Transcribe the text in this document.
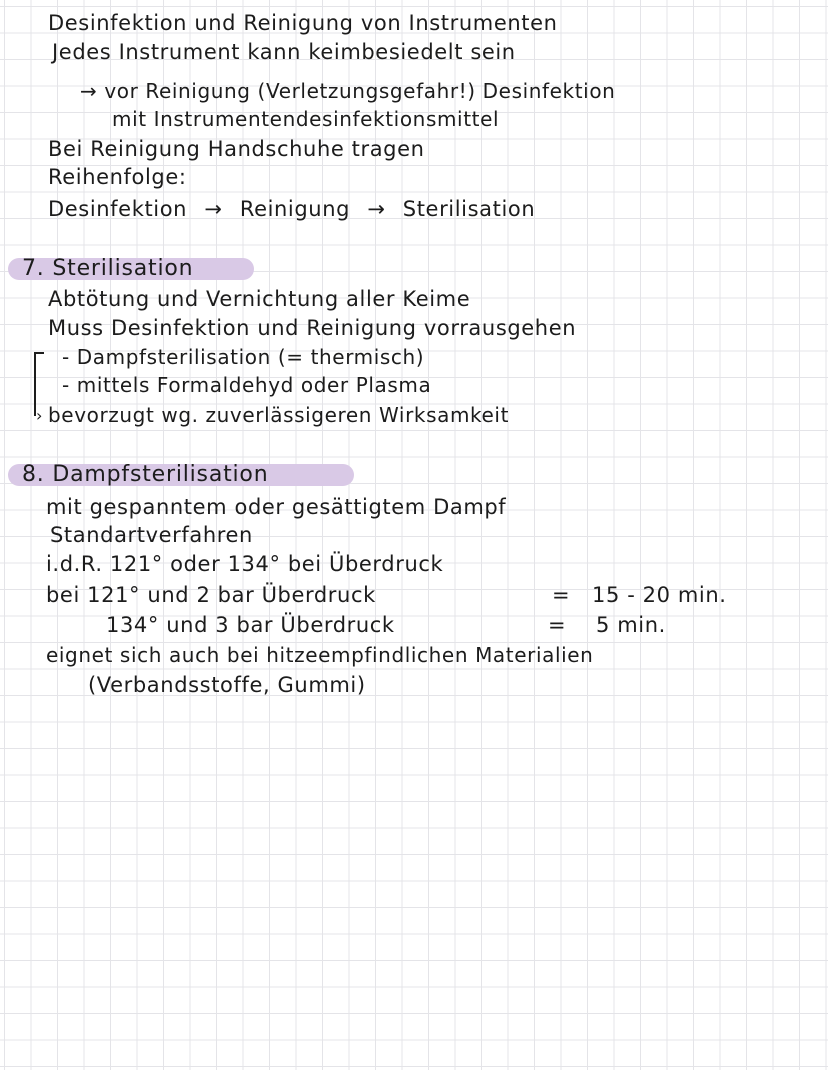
Desinfektion und Reinigung von Instrumenten
Jedes Instrument kann keimbesiedelt sein
→ vor Reinigung (Verletzungsgefahr!) Desinfektion
mit Instrumentendesinfektionsmittel
Bei Reinigung Handschuhe tragen
Reihenfolge:
Desinfektion → Reinigung → Sterilisation
7. Sterilisation
Abtötung und Vernichtung aller Keime
Muss Desinfektion und Reinigung vorrausgehen
›
- Dampfsterilisation (= thermisch)
- mittels Formaldehyd oder Plasma
bevorzugt wg. zuverlässigeren Wirksamkeit
8. Dampfsterilisation
mit gespanntem oder gesättigtem Dampf
Standartverfahren
i.d.R. 121° oder 134° bei Überdruck
bei 121° und 2 bar Überdruck	= 15 - 20 min.
134° und 3 bar Überdruck	= 5 min.
eignet sich auch bei hitzeempfindlichen Materialien
(Verbandsstoffe, Gummi)
